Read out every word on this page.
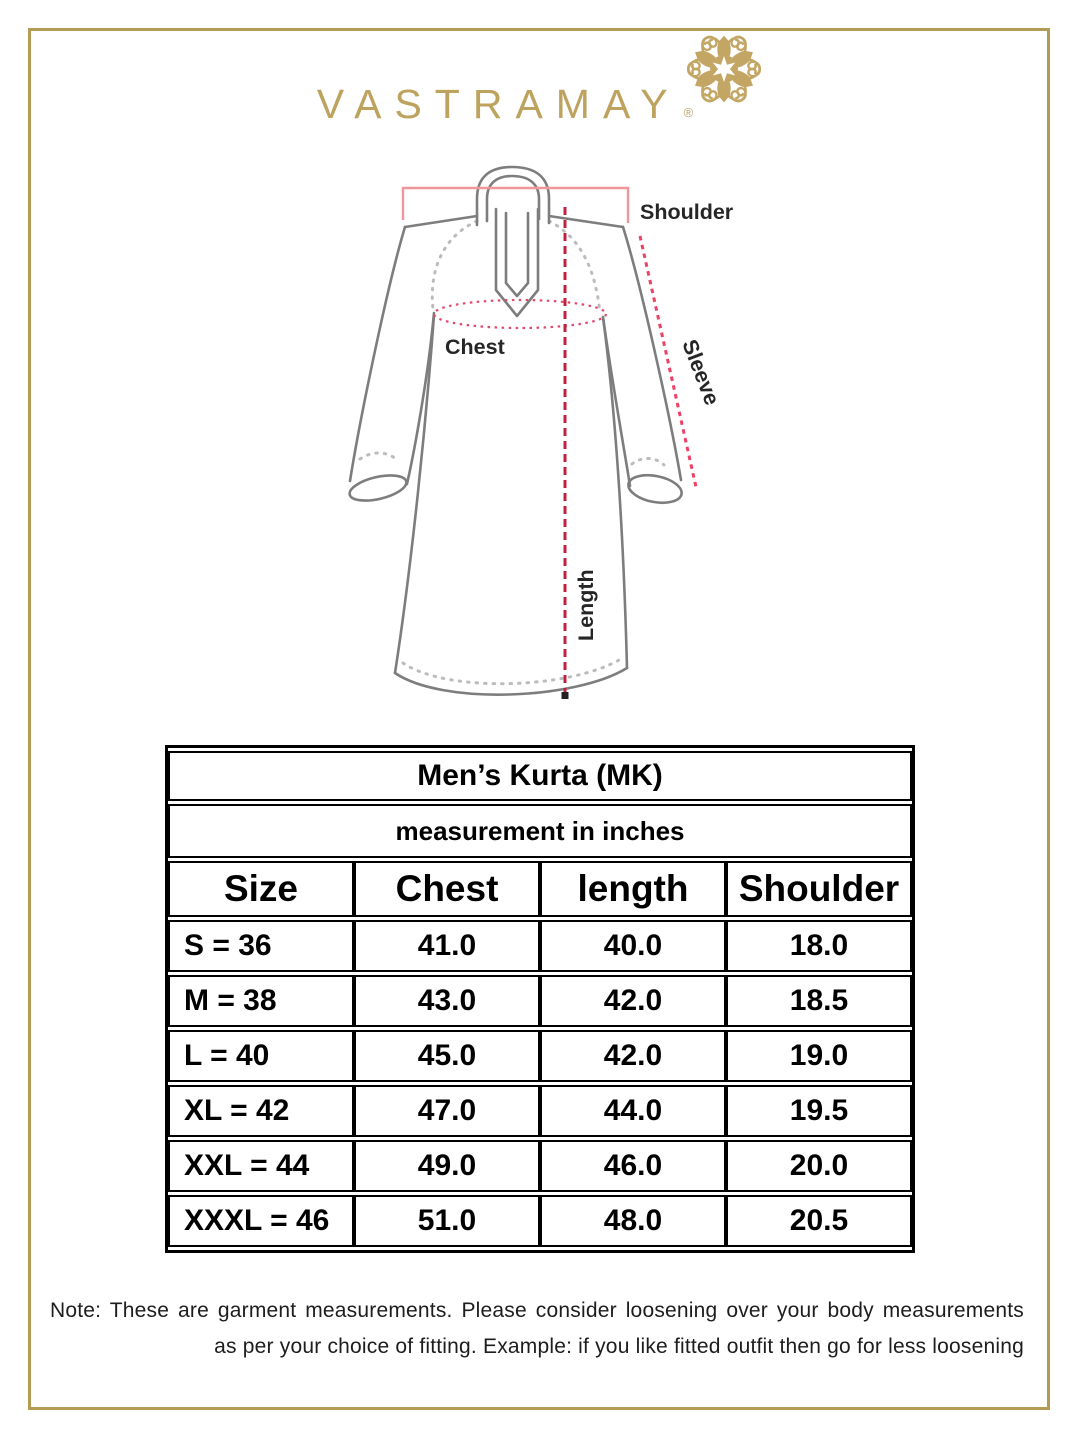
VASTRAMAY ®
Shoulder
Chest	Sleeve
Length
Men’s Kurta (MK)			
measurement in inches			
Size	Chest	length	Shoulder
S = 36	41.0	40.0	18.0
M = 38	43.0	42.0	18.5
L = 40	45.0	42.0	19.0
XL = 42	47.0	44.0	19.5
XXL = 44	49.0	46.0	20.0
XXXL = 46	51.0	48.0	20.5
Note: These are garment measurements. Please consider loosening over your body measurements
as per your choice of fitting. Example: if you like fitted outfit then go for less loosening
